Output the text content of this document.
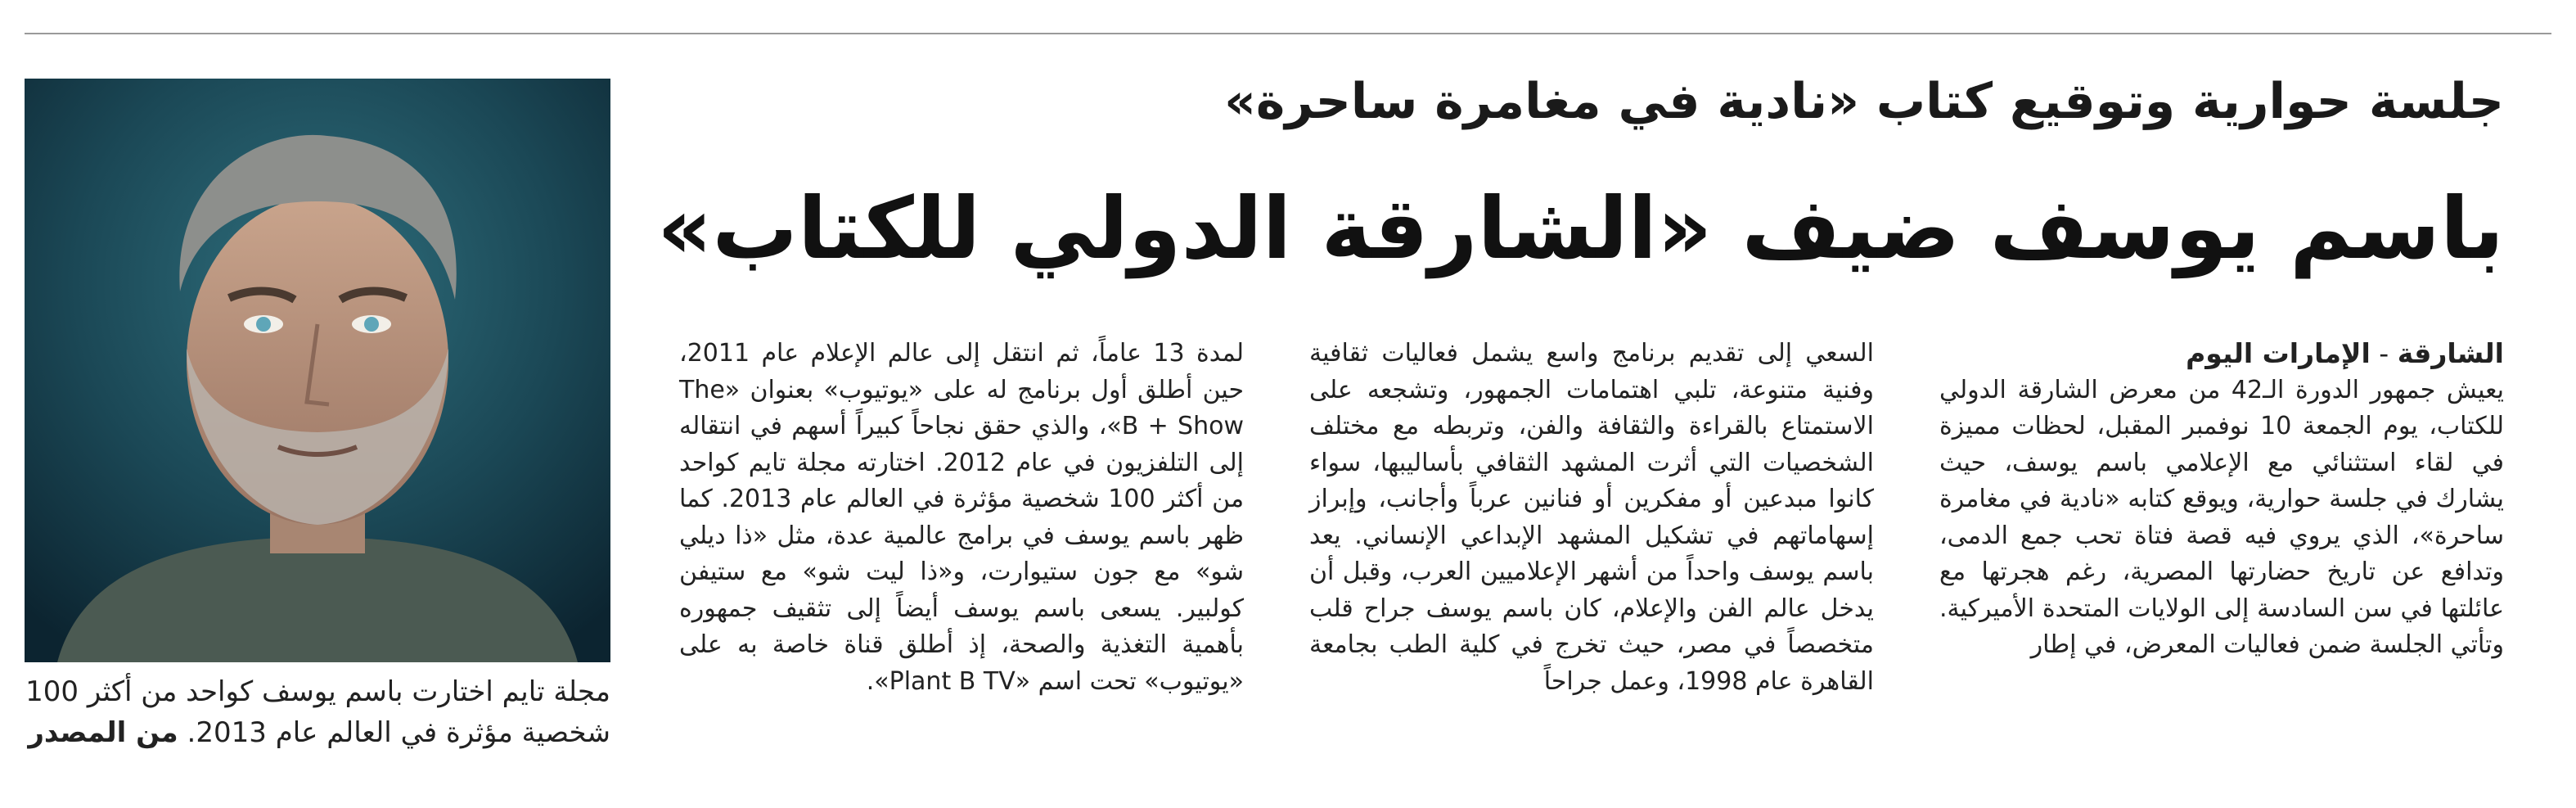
مجلة تايم اختارت باسم يوسف كواحد من أكثر 100 شخصية مؤثرة في العالم عام 2013. من المصدر
جلسة حوارية وتوقيع كتاب «نادية في مغامرة ساحرة»
باسم يوسف ضيف «الشارقة الدولي للكتاب»
الشارقة - الإمارات اليوم

يعيش جمهور الدورة الـ42 من معرض الشارقة الدولي للكتاب، يوم الجمعة 10 نوفمبر المقبل، لحظات مميزة في لقاء استثنائي مع الإعلامي باسم يوسف، حيث يشارك في جلسة حوارية، ويوقع كتابه «نادية في مغامرة ساحرة»، الذي يروي فيه قصة فتاة تحب جمع الدمى، وتدافع عن تاريخ حضارتها المصرية، رغم هجرتها مع عائلتها في سن السادسة إلى الولايات المتحدة الأميركية. وتأتي الجلسة ضمن فعاليات المعرض، في إطار

السعي إلى تقديم برنامج واسع يشمل فعاليات ثقافية وفنية متنوعة، تلبي اهتمامات الجمهور، وتشجعه على الاستمتاع بالقراءة والثقافة والفن، وتربطه مع مختلف الشخصيات التي أثرت المشهد الثقافي بأساليبها، سواء كانوا مبدعين أو مفكرين أو فنانين عرباً وأجانب، وإبراز إسهاماتهم في تشكيل المشهد الإبداعي الإنساني. يعد باسم يوسف واحداً من أشهر الإعلاميين العرب، وقبل أن يدخل عالم الفن والإعلام، كان باسم يوسف جراح قلب متخصصاً في مصر، حيث تخرج في كلية الطب بجامعة القاهرة عام 1998، وعمل جراحاً

لمدة 13 عاماً، ثم انتقل إلى عالم الإعلام عام 2011، حين أطلق أول برنامج له على «يوتيوب» بعنوان «The B + Show»، والذي حقق نجاحاً كبيراً أسهم في انتقاله إلى التلفزيون في عام 2012. اختارته مجلة تايم كواحد من أكثر 100 شخصية مؤثرة في العالم عام 2013. كما ظهر باسم يوسف في برامج عالمية عدة، مثل «ذا ديلي شو» مع جون ستيوارت، و«ذا ليت شو» مع ستيفن كولبير. يسعى باسم يوسف أيضاً إلى تثقيف جمهوره بأهمية التغذية والصحة، إذ أطلق قناة خاصة به على «يوتيوب» تحت اسم «Plant B TV».
